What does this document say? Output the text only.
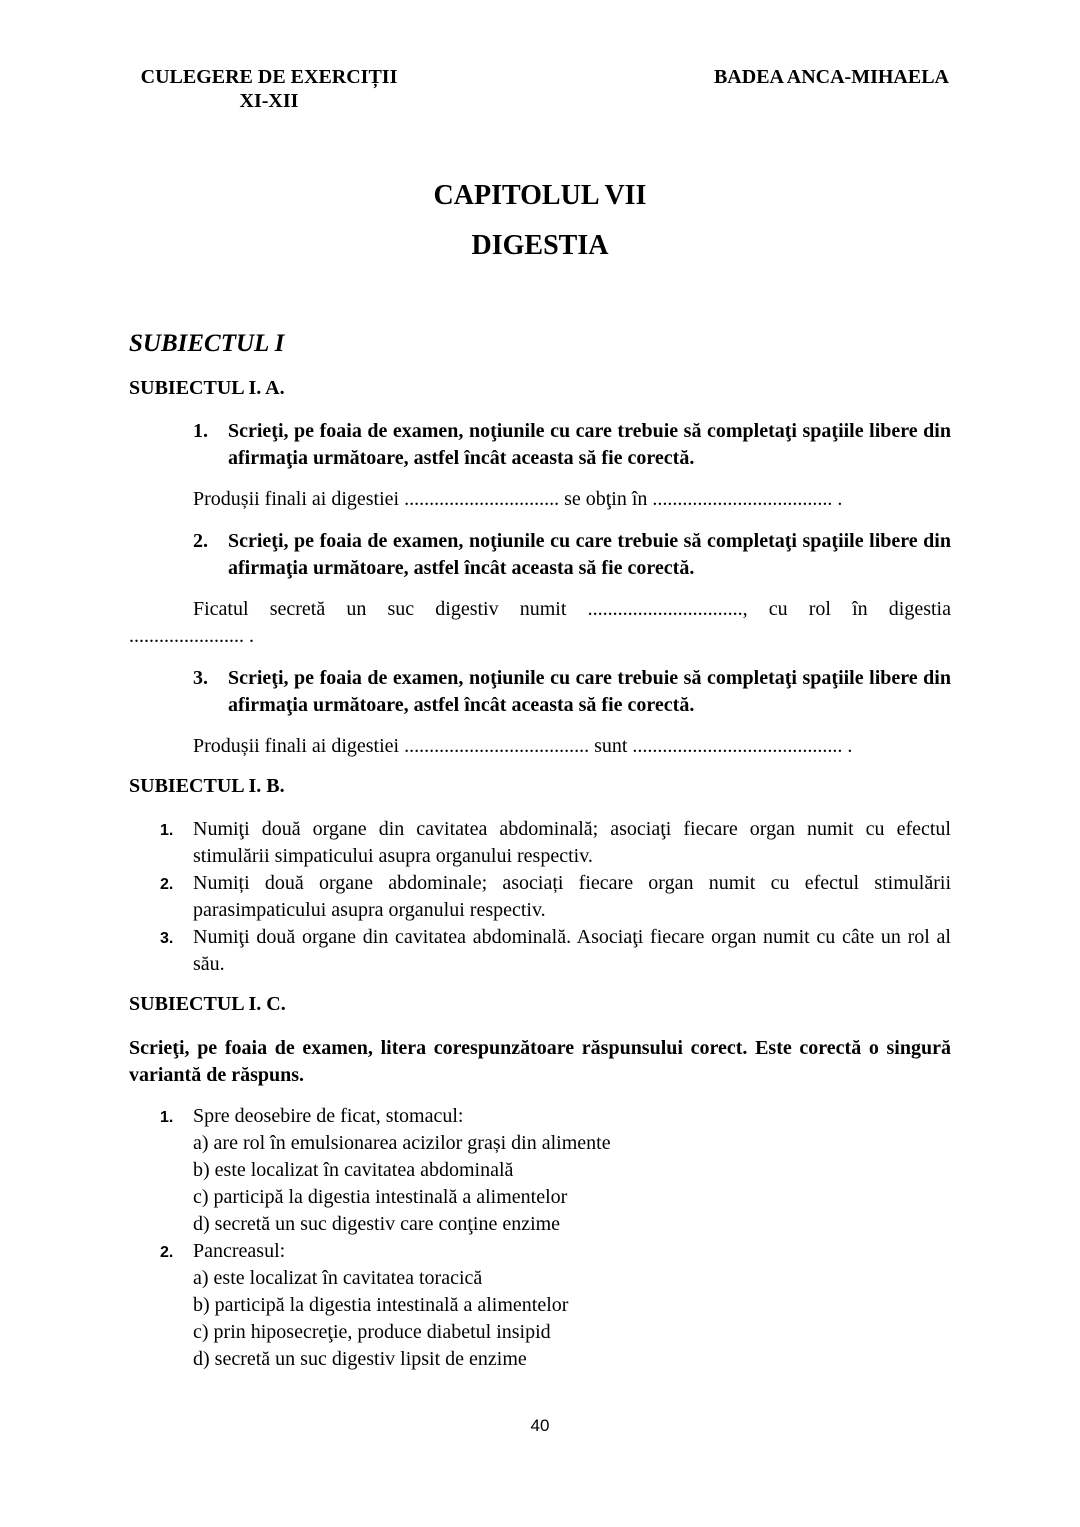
CULEGERE DE EXERCIȚII
XI-XII
BADEA ANCA-MIHAELA
CAPITOLUL VII
DIGESTIA
SUBIECTUL I
SUBIECTUL I. A.
1. Scrieţi, pe foaia de examen, noţiunile cu care trebuie să completaţi spaţiile libere din afirmaţia următoare, astfel încât aceasta să fie corectă.
Produșii finali ai digestiei ............................... se obţin în .................................... .
2. Scrieţi, pe foaia de examen, noţiunile cu care trebuie să completaţi spaţiile libere din afirmaţia următoare, astfel încât aceasta să fie corectă.
Ficatul secretă un suc digestiv numit ..............................., cu rol în digestia
....................... .
3. Scrieţi, pe foaia de examen, noţiunile cu care trebuie să completaţi spaţiile libere din afirmaţia următoare, astfel încât aceasta să fie corectă.
Produșii finali ai digestiei ..................................... sunt .......................................... .
SUBIECTUL I. B.
1. Numiţi două organe din cavitatea abdominală; asociaţi fiecare organ numit cu efectul stimulării simpaticului asupra organului respectiv.
2. Numiți două organe abdominale; asociați fiecare organ numit cu efectul stimulării parasimpaticului asupra organului respectiv.
3. Numiţi două organe din cavitatea abdominală. Asociaţi fiecare organ numit cu câte un rol al său.
SUBIECTUL I. C.
Scrieţi, pe foaia de examen, litera corespunzătoare răspunsului corect. Este corectă o singură variantă de răspuns.
1. Spre deosebire de ficat, stomacul:
a) are rol în emulsionarea acizilor grași din alimente
b) este localizat în cavitatea abdominală
c) participă la digestia intestinală a alimentelor
d) secretă un suc digestiv care conţine enzime
2. Pancreasul:
a) este localizat în cavitatea toracică
b) participă la digestia intestinală a alimentelor
c) prin hiposecreţie, produce diabetul insipid
d) secretă un suc digestiv lipsit de enzime
40
